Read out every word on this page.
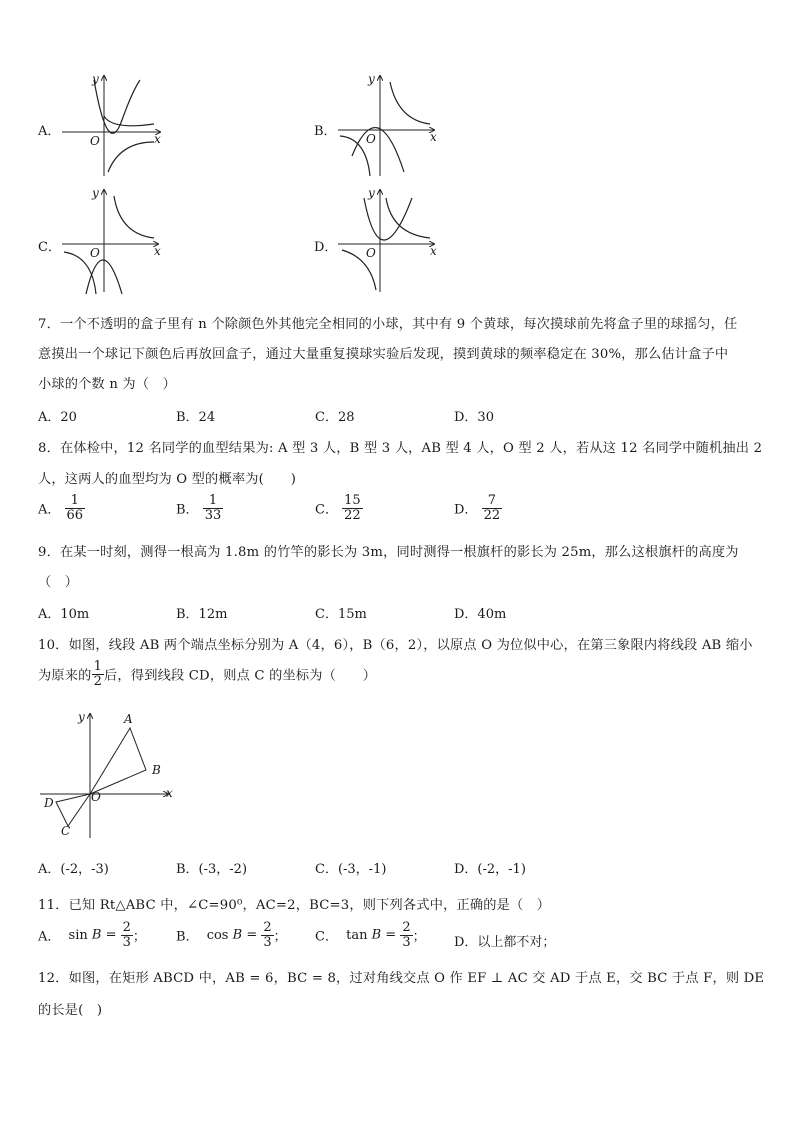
A．
y
x
O
B．
y
x
O
C．
y
x
O	D．
y
x
O
7．一个不透明的盒子里有 n 个除颜色外其他完全相同的小球，其中有 9 个黄球，每次摸球前先将盒子里的球摇匀，任
意摸出一个球记下颜色后再放回盒子，通过大量重复摸球实验后发现，摸到黄球的频率稳定在 30%，那么估计盒子中
小球的个数 n 为（　）
A．20	B．24	C．28	D．30
8．在体检中，12 名同学的血型结果为: A 型 3 人，B 型 3 人，AB 型 4 人，O 型 2 人，若从这 12 名同学中随机抽出 2
人，这两人的血型均为 O 型的概率为(　　)
A． $\frac{1}{66}$	B． $\frac{1}{33}$	C． $\frac{15}{22}$	D． $\frac{7}{22}$
9．在某一时刻，测得一根高为 1.8m 的竹竿的影长为 3m，同时测得一根旗杆的影长为 25m，那么这根旗杆的高度为
（　）
A．10m	B．12m	C．15m	D．40m
10．如图，线段 AB 两个端点坐标分别为 A（4，6），B（6，2），以原点 O 为位似中心，在第三象限内将线段 AB 缩小
为原来的 $\frac{1}{2}$ 后，得到线段 CD，则点 C 的坐标为（　　）
y
x
O
A
B
C
D
A．(-2，-3)	B．(-3，-2)	C．(-3，-1)	D．(-2，-1)
11．已知 Rt△ABC 中，∠C=90⁰，AC=2，BC=3，则下列各式中，正确的是（　）
A． $\sin B = \frac{2}{3}$ ； B． $\cos B = \frac{2}{3}$ ； C． $\tan B = \frac{2}{3}$ ； D．以上都不对；
12．如图，在矩形 ABCD 中，AB = 6，BC = 8，过对角线交点 O 作 EF ⊥ AC 交 AD 于点 E，交 BC 于点 F，则 DE
的长是(　)
